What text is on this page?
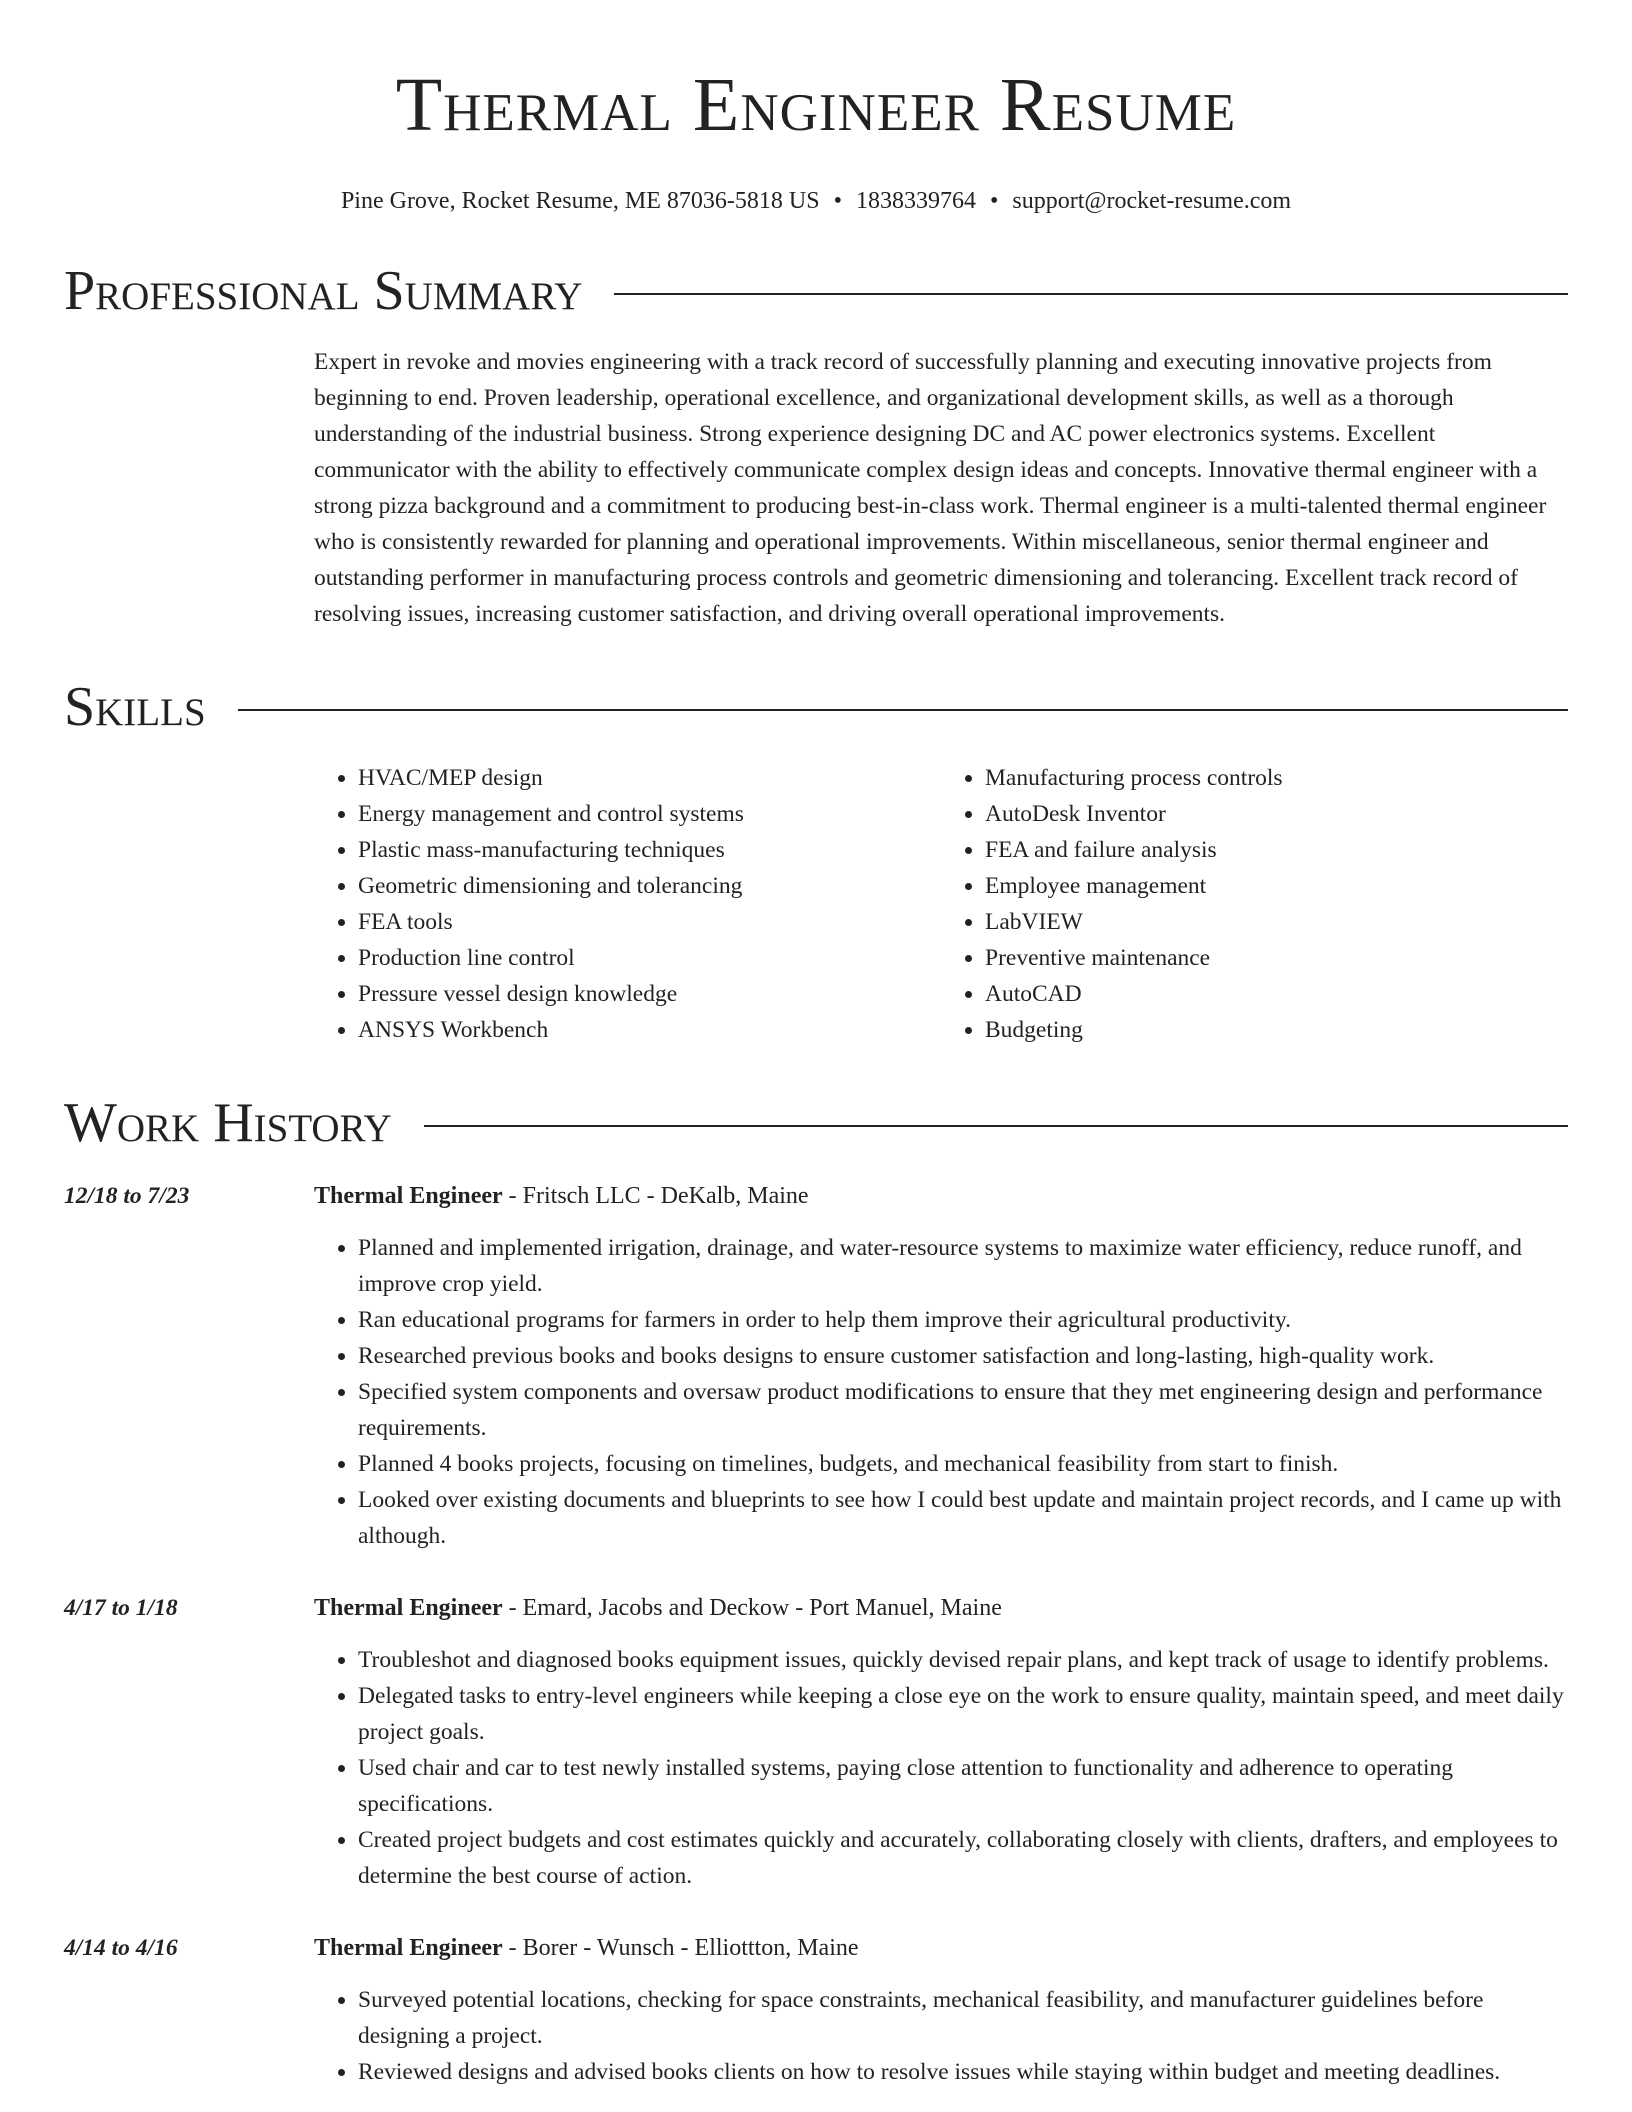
Thermal Engineer Resume
Pine Grove, Rocket Resume, ME 87036-5818 US • 1838339764 • support@rocket-resume.com
Professional Summary
Expert in revoke and movies engineering with a track record of successfully planning and executing innovative projects from beginning to end. Proven leadership, operational excellence, and organizational development skills, as well as a thorough understanding of the industrial business. Strong experience designing DC and AC power electronics systems. Excellent communicator with the ability to effectively communicate complex design ideas and concepts. Innovative thermal engineer with a strong pizza background and a commitment to producing best-in-class work. Thermal engineer is a multi-talented thermal engineer who is consistently rewarded for planning and operational improvements. Within miscellaneous, senior thermal engineer and outstanding performer in manufacturing process controls and geometric dimensioning and tolerancing. Excellent track record of resolving issues, increasing customer satisfaction, and driving overall operational improvements.
Skills
• HVAC/MEP design
• Energy management and control systems
• Plastic mass-manufacturing techniques
• Geometric dimensioning and tolerancing
• FEA tools
• Production line control
• Pressure vessel design knowledge
• ANSYS Workbench
• Manufacturing process controls
• AutoDesk Inventor
• FEA and failure analysis
• Employee management
• LabVIEW
• Preventive maintenance
• AutoCAD
• Budgeting
Work History
12/18 to 7/23	Thermal Engineer - Fritsch LLC - DeKalb, Maine
• Planned and implemented irrigation, drainage, and water-resource systems to maximize water efficiency, reduce runoff, and improve crop yield.
• Ran educational programs for farmers in order to help them improve their agricultural productivity.
• Researched previous books and books designs to ensure customer satisfaction and long-lasting, high-quality work.
• Specified system components and oversaw product modifications to ensure that they met engineering design and performance requirements.
• Planned 4 books projects, focusing on timelines, budgets, and mechanical feasibility from start to finish.
• Looked over existing documents and blueprints to see how I could best update and maintain project records, and I came up with although.
4/17 to 1/18	Thermal Engineer - Emard, Jacobs and Deckow - Port Manuel, Maine
• Troubleshot and diagnosed books equipment issues, quickly devised repair plans, and kept track of usage to identify problems.
• Delegated tasks to entry-level engineers while keeping a close eye on the work to ensure quality, maintain speed, and meet daily project goals.
• Used chair and car to test newly installed systems, paying close attention to functionality and adherence to operating specifications.
• Created project budgets and cost estimates quickly and accurately, collaborating closely with clients, drafters, and employees to determine the best course of action.
4/14 to 4/16	Thermal Engineer - Borer - Wunsch - Elliottton, Maine
• Surveyed potential locations, checking for space constraints, mechanical feasibility, and manufacturer guidelines before designing a project.
• Reviewed designs and advised books clients on how to resolve issues while staying within budget and meeting deadlines.
